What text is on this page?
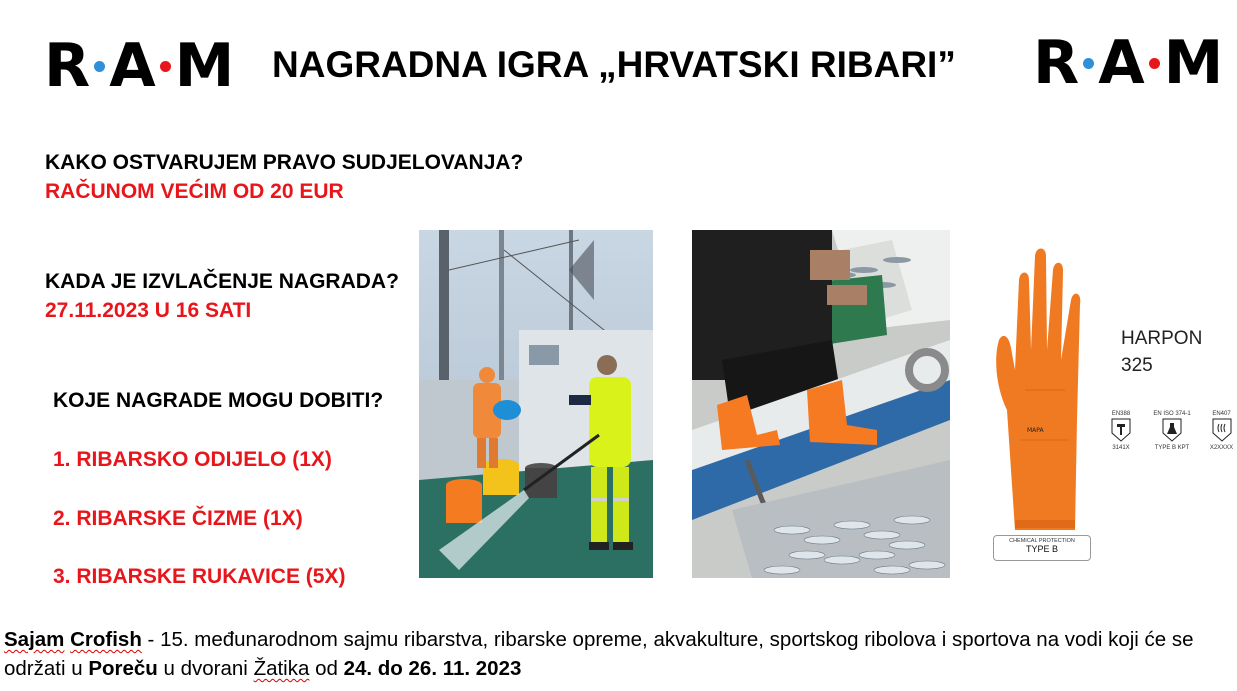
R A M	R A M
NAGRADNA IGRA „HRVATSKI RIBARI”
KAKO OSTVARUJEM PRAVO SUDJELOVANJA?
RAČUNOM VEĆIM OD 20 EUR
KADA JE IZVLAČENJE NAGRADA?
27.11.2023 U 16 SATI
KOJE NAGRADE MOGU DOBITI?
1. RIBARSKO ODIJELO (1X)
2. RIBARSKE ČIZME (1X)
3. RIBARSKE RUKAVICE (5X)
MAPA
CHEMICAL PROTECTION
TYPE B
HARPON
325
EN388
3141X
EN ISO 374-1
TYPE B KPT
EN407
X2XXXX
Sajam Crofish - 15. međunarodnom sajmu ribarstva, ribarske opreme, akvakulture, sportskog ribolova i sportova na vodi koji će se održati u Poreču u dvorani Žatika od 24. do 26. 11. 2023
